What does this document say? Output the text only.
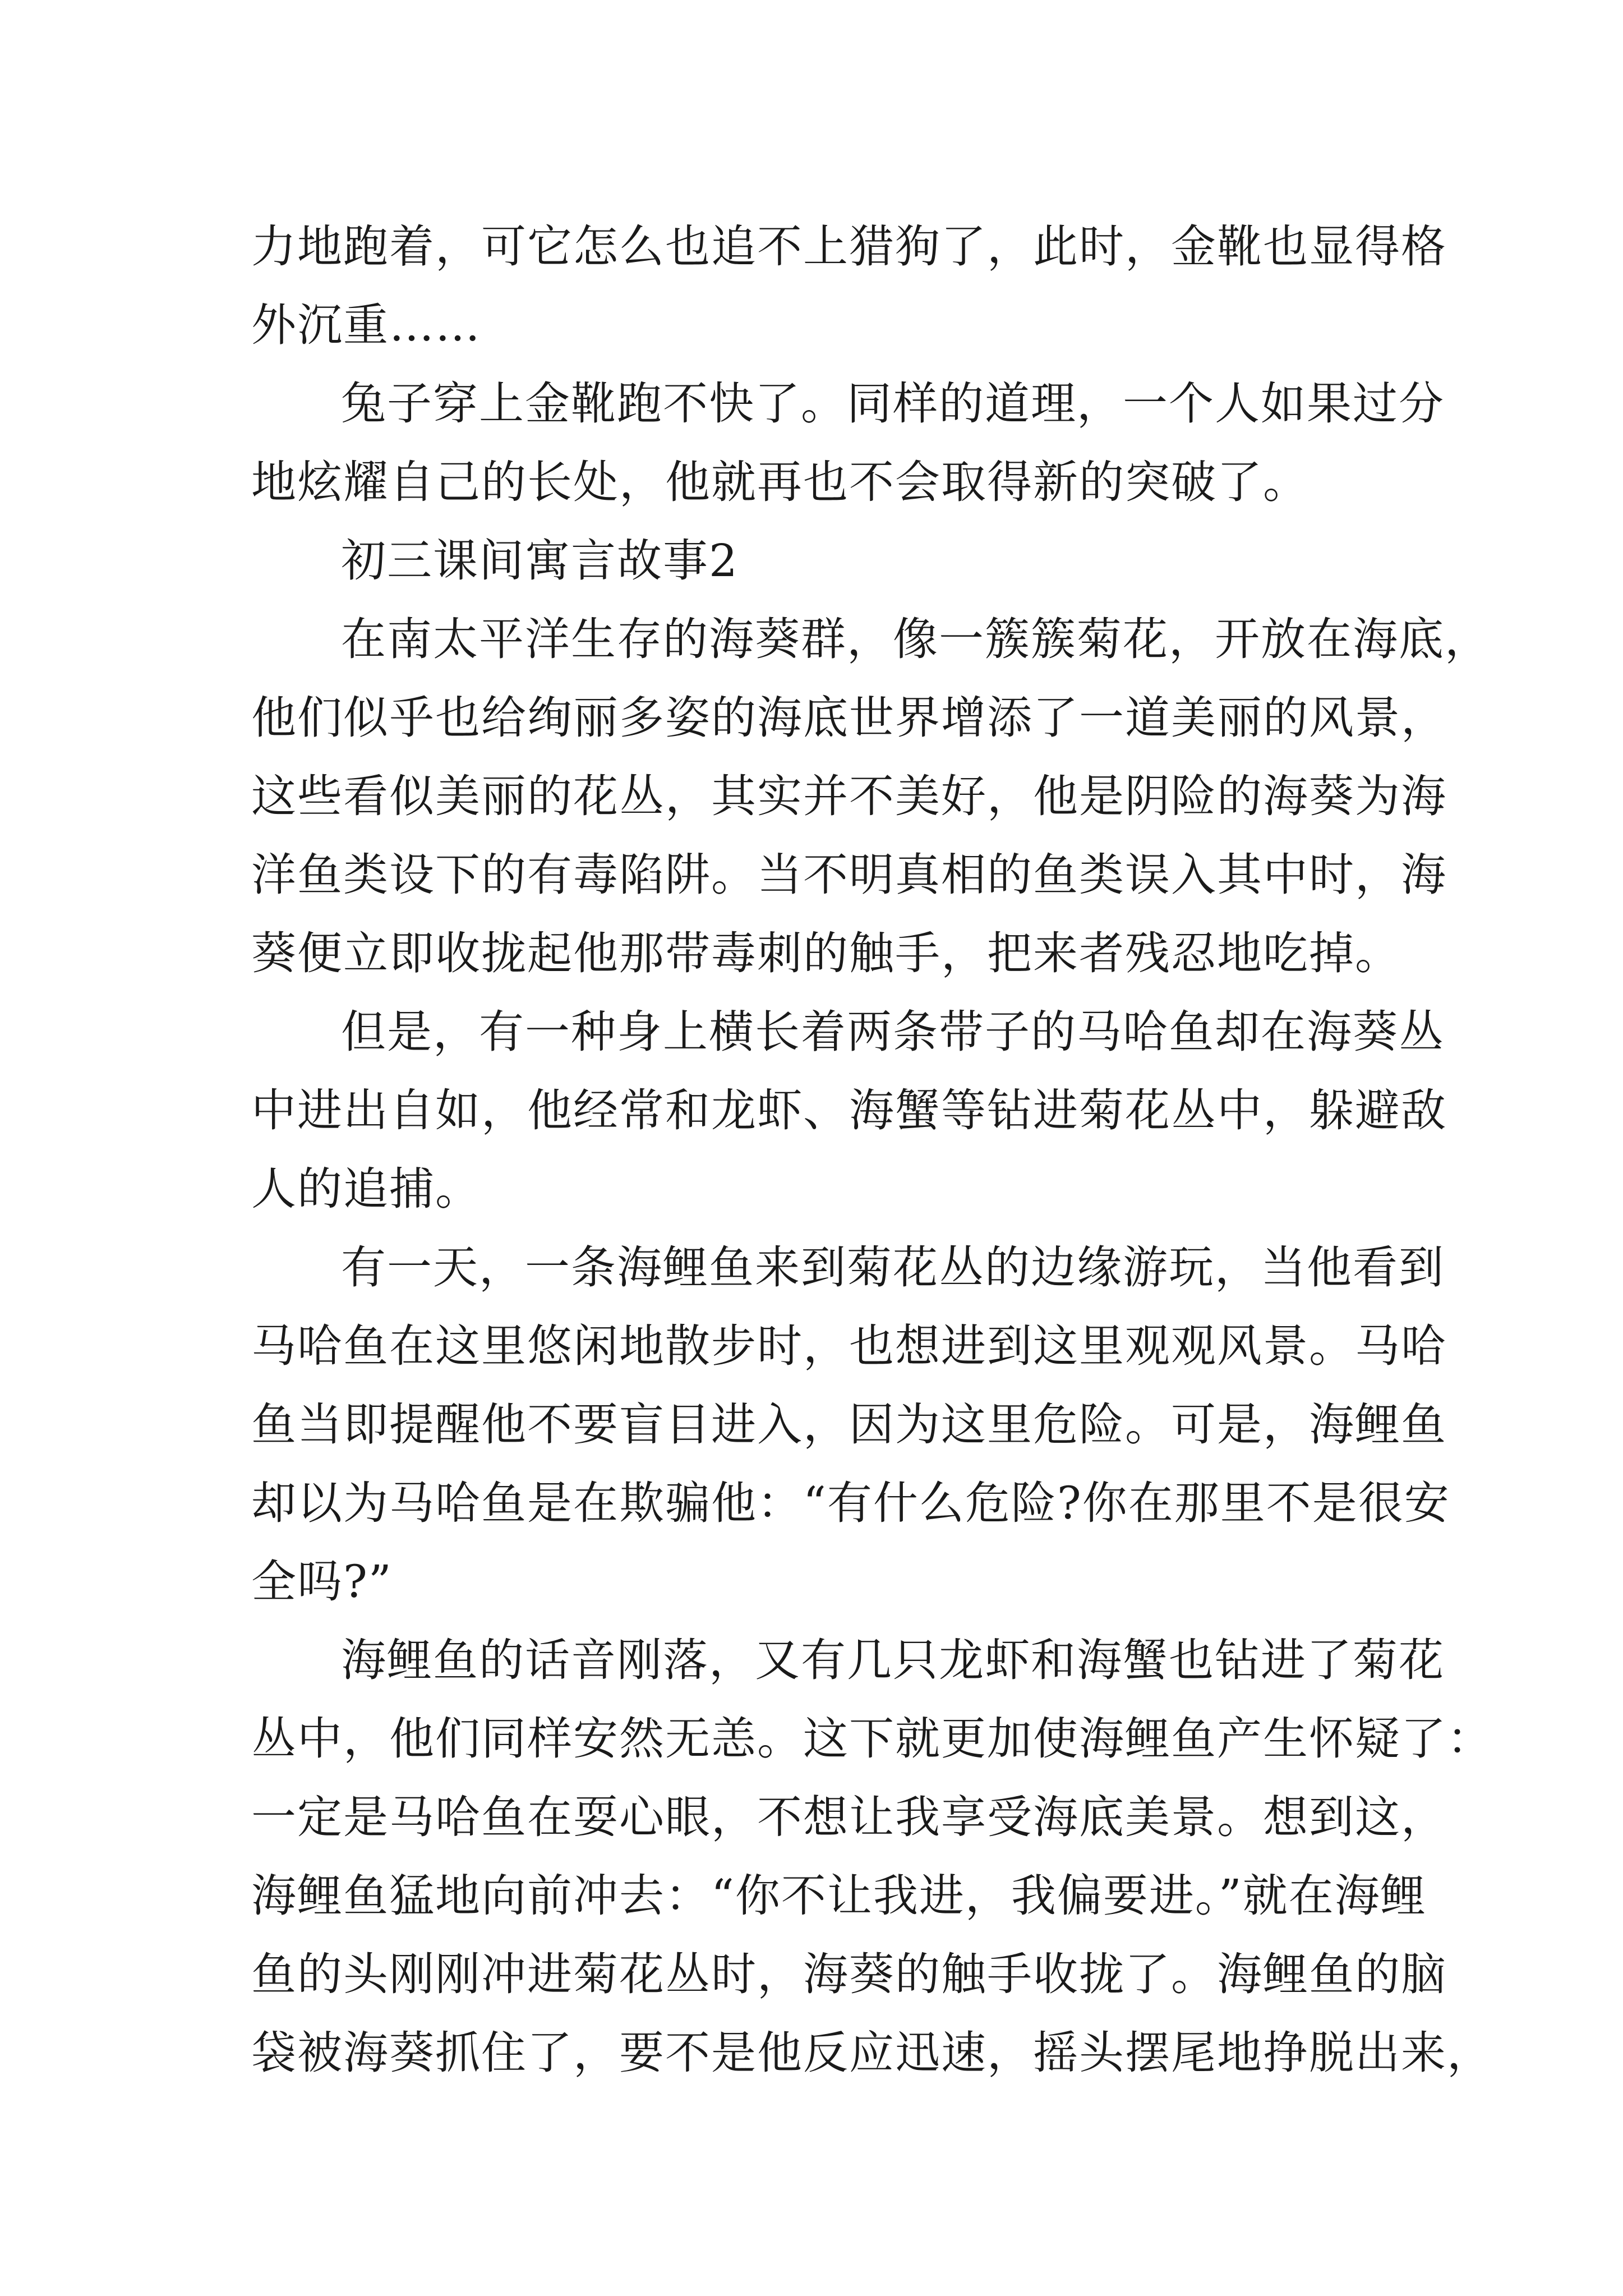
力地跑着，可它怎么也追不上猎狗了，此时，金靴也显得格
外沉重……
兔子穿上金靴跑不快了。同样的道理，一个人如果过分
地炫耀自己的长处，他就再也不会取得新的突破了。
初三课间寓言故事2
在南太平洋生存的海葵群，像一簇簇菊花，开放在海底，
他们似乎也给绚丽多姿的海底世界增添了一道美丽的风景，
这些看似美丽的花丛，其实并不美好，他是阴险的海葵为海
洋鱼类设下的有毒陷阱。当不明真相的鱼类误入其中时，海
葵便立即收拢起他那带毒刺的触手，把来者残忍地吃掉。
但是，有一种身上横长着两条带子的马哈鱼却在海葵丛
中进出自如，他经常和龙虾、海蟹等钻进菊花丛中，躲避敌
人的追捕。
有一天，一条海鲤鱼来到菊花丛的边缘游玩，当他看到
马哈鱼在这里悠闲地散步时，也想进到这里观观风景。马哈
鱼当即提醒他不要盲目进入，因为这里危险。可是，海鲤鱼
却以为马哈鱼是在欺骗他：“有什么危险?你在那里不是很安
全吗?”
海鲤鱼的话音刚落，又有几只龙虾和海蟹也钻进了菊花
丛中，他们同样安然无恙。这下就更加使海鲤鱼产生怀疑了：
一定是马哈鱼在耍心眼，不想让我享受海底美景。想到这，
海鲤鱼猛地向前冲去：“你不让我进，我偏要进。”就在海鲤
鱼的头刚刚冲进菊花丛时，海葵的触手收拢了。海鲤鱼的脑
袋被海葵抓住了，要不是他反应迅速，摇头摆尾地挣脱出来，
